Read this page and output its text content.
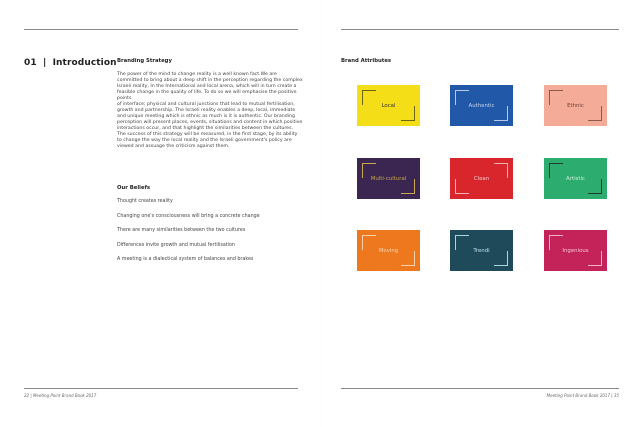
01 | Introduction Branding Strategy

The power of the mind to change reality is a well known fact.We are committed to bring about a deep shift in the perception regarding the complex Israeli reality, In the International and local arena, which will in turn create a feasible change in the quality of life. To do so we will emphasise the positive points

of interface; physical and cultural junctions that lead to mutual fertilisation, growth and partnership. The Israeli reality enables a deep, local, immediate and unique meeting which is ethnic as much is it is authentic. Our branding perception will present places, events, situations and content in which positive interactions occur, and that highlight the similarities between the cultures. The success of this strategy will be measured, in the first stage, by its ability to change the way the local reality and the Israeli government's policy are viewed and assuage the criticism against them.

Our Beliefs
Thought creates reality
Changing one's consciousness will bring a concrete change
There are many similarities between the two cultures
Differences invite growth and mutual fertilisation
A meeting is a dialectical system of balances and brakes
22 | Meeting Point Brand Book 2017
Brand Attributes
Local	Authentic	Ethnic
Multi-cultural	Clean	Artistic
Moving	Trendi	Ingenious
Meeting Point Brand Book 2017 | 35
